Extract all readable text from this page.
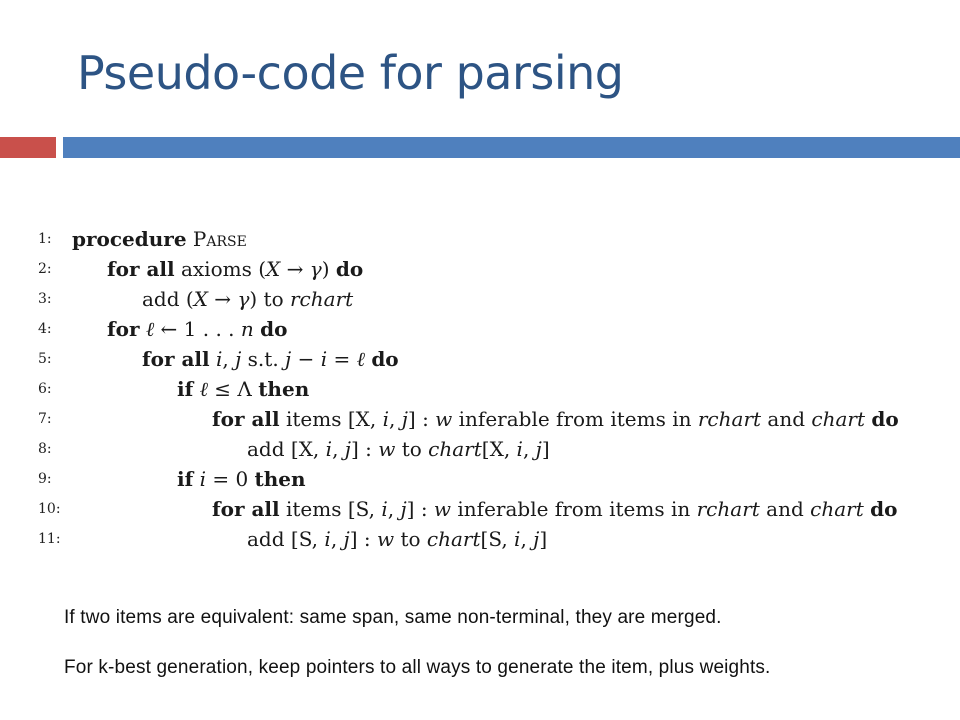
Pseudo-code for parsing
1:	procedure Parse
2:	for all axioms (X → γ) do
3:	add (X → γ) to rchart
4:	for ℓ ← 1 . . . n do
5:	for all i, j s.t. j − i = ℓ do
6:	if ℓ ≤ Λ then
7:	for all items [X, i, j] : w inferable from items in rchart and chart do
8:	add [X, i, j] : w to chart[X, i, j]
9:	if i = 0 then
10:	for all items [S, i, j] : w inferable from items in rchart and chart do
11:	add [S, i, j] : w to chart[S, i, j]
If two items are equivalent: same span, same non-terminal, they are merged.
For k-best generation, keep pointers to all ways to generate the item, plus weights.
